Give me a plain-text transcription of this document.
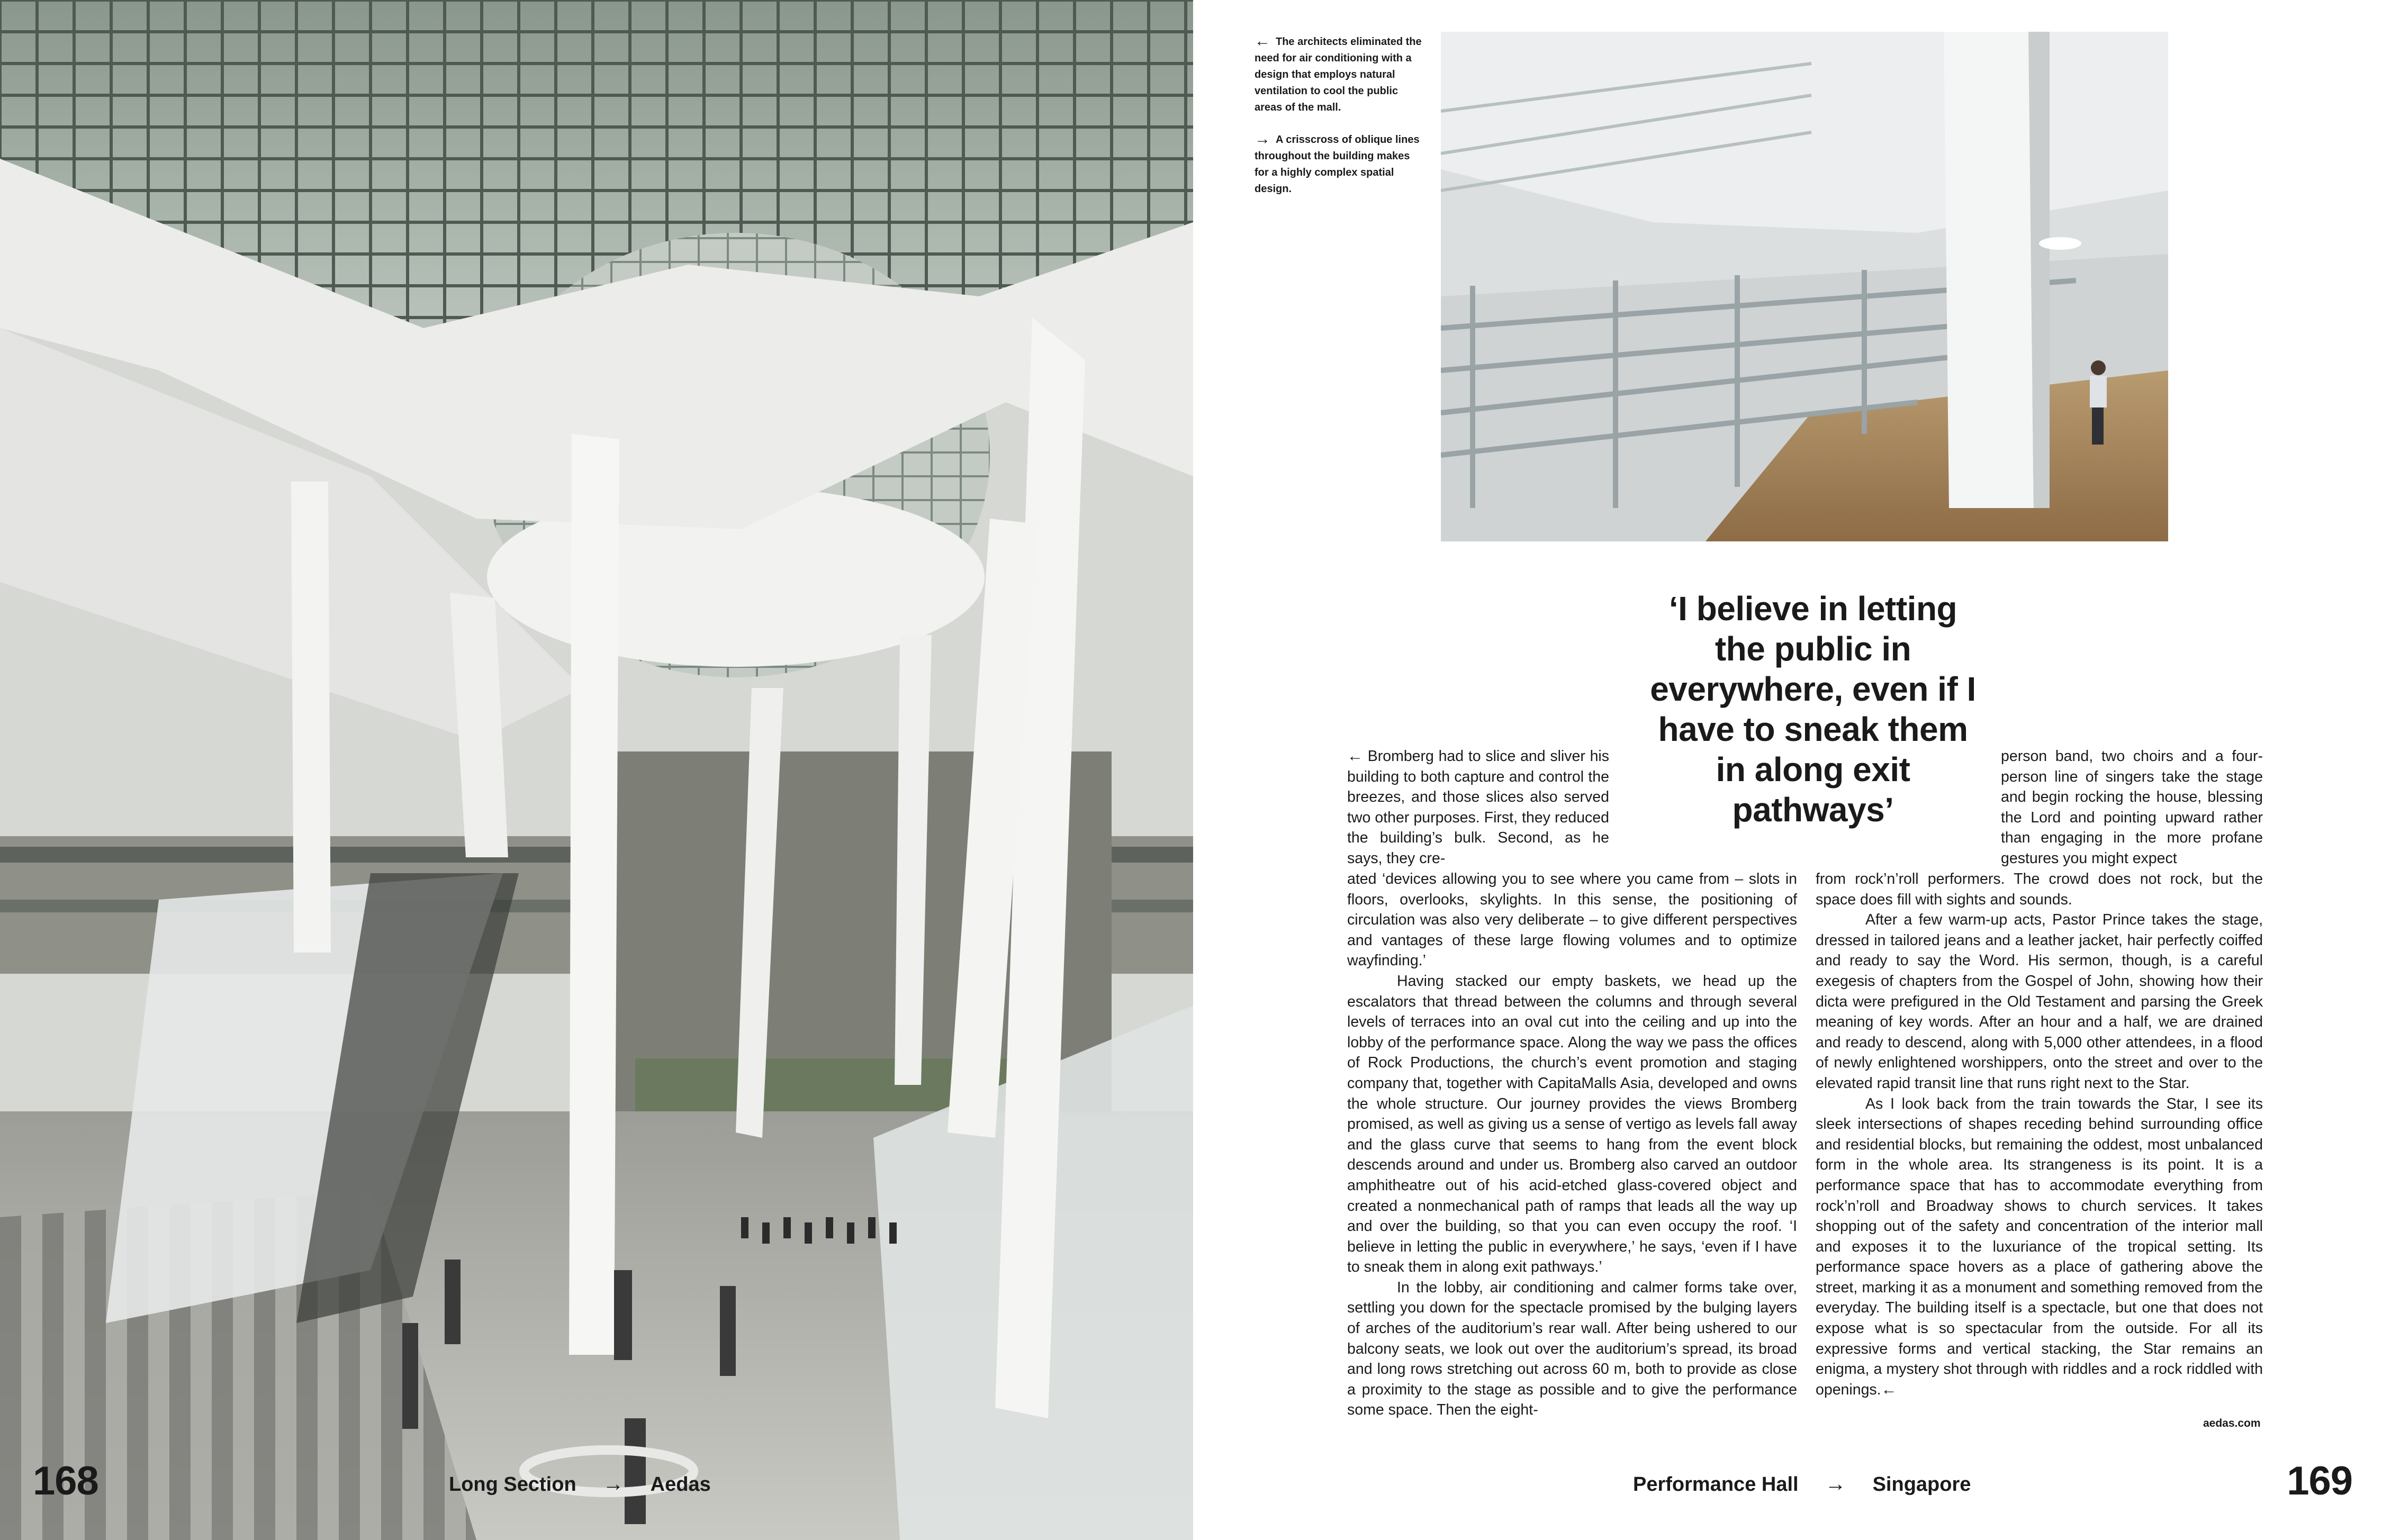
← The architects eliminated the need for air conditioning with a design that employs natural ventilation to cool the public areas of the mall.

→ A crisscross of oblique lines throughout the building makes for a highly complex spatial design.

‘I believe in letting the public in everywhere, even if I have to sneak them in along exit pathways’

← Bromberg had to slice and sliver his building to both capture and control the breezes, and those slices also served two other purposes. First, they reduced the building’s bulk. Second, as he says, they cre-

ated ‘devices allowing you to see where you came from – slots in floors, overlooks, skylights. In this sense, the positioning of circulation was also very deliberate – to give different perspectives and vantages of these large flowing volumes and to optimize wayfinding.’

Having stacked our empty baskets, we head up the escalators that thread between the columns and through several levels of terraces into an oval cut into the ceiling and up into the lobby of the performance space. Along the way we pass the offices of Rock Productions, the church’s event promotion and staging company that, together with CapitaMalls Asia, developed and owns the whole structure. Our journey provides the views Bromberg promised, as well as giving us a sense of vertigo as levels fall away and the glass curve that seems to hang from the event block descends around and under us. Bromberg also carved an outdoor amphitheatre out of his acid-etched glass-covered object and created a nonmechanical path of ramps that leads all the way up and over the building, so that you can even occupy the roof. ‘I believe in letting the public in everywhere,’ he says, ‘even if I have to sneak them in along exit pathways.’

In the lobby, air conditioning and calmer forms take over, settling you down for the spectacle promised by the bulging layers of arches of the auditorium’s rear wall. After being ushered to our balcony seats, we look out over the auditorium’s spread, its broad and long rows stretching out across 60 m, both to provide as close a proximity to the stage as possible and to give the performance some space. Then the eight-

person band, two choirs and a four-person line of singers take the stage and begin rocking the house, blessing the Lord and pointing upward rather than engaging in the more profane gestures you might expect

from rock’n’roll performers. The crowd does not rock, but the space does fill with sights and sounds.

After a few warm-up acts, Pastor Prince takes the stage, dressed in tailored jeans and a leather jacket, hair perfectly coiffed and ready to say the Word. His sermon, though, is a careful exegesis of chapters from the Gospel of John, showing how their dicta were prefigured in the Old Testament and parsing the Greek meaning of key words. After an hour and a half, we are drained and ready to descend, along with 5,000 other attendees, in a flood of newly enlightened worshippers, onto the street and over to the elevated rapid transit line that runs right next to the Star.

As I look back from the train towards the Star, I see its sleek intersections of shapes receding behind surrounding office and residential blocks, but remaining the oddest, most unbalanced form in the whole area. Its strangeness is its point. It is a performance space that has to accommodate everything from rock’n’roll and Broadway shows to church services. It takes shopping out of the safety and concentration of the interior mall and exposes it to the luxuriance of the tropical setting. Its performance space hovers as a place of gathering above the street, marking it as a monument and something removed from the everyday. The building itself is a spectacle, but one that does not expose what is so spectacular from the outside. For all its expressive forms and vertical stacking, the Star remains an enigma, a mystery shot through with riddles and a rock riddled with openings.←

aedas.com
168	Long Section → Aedas	Performance Hall → Singapore	169
